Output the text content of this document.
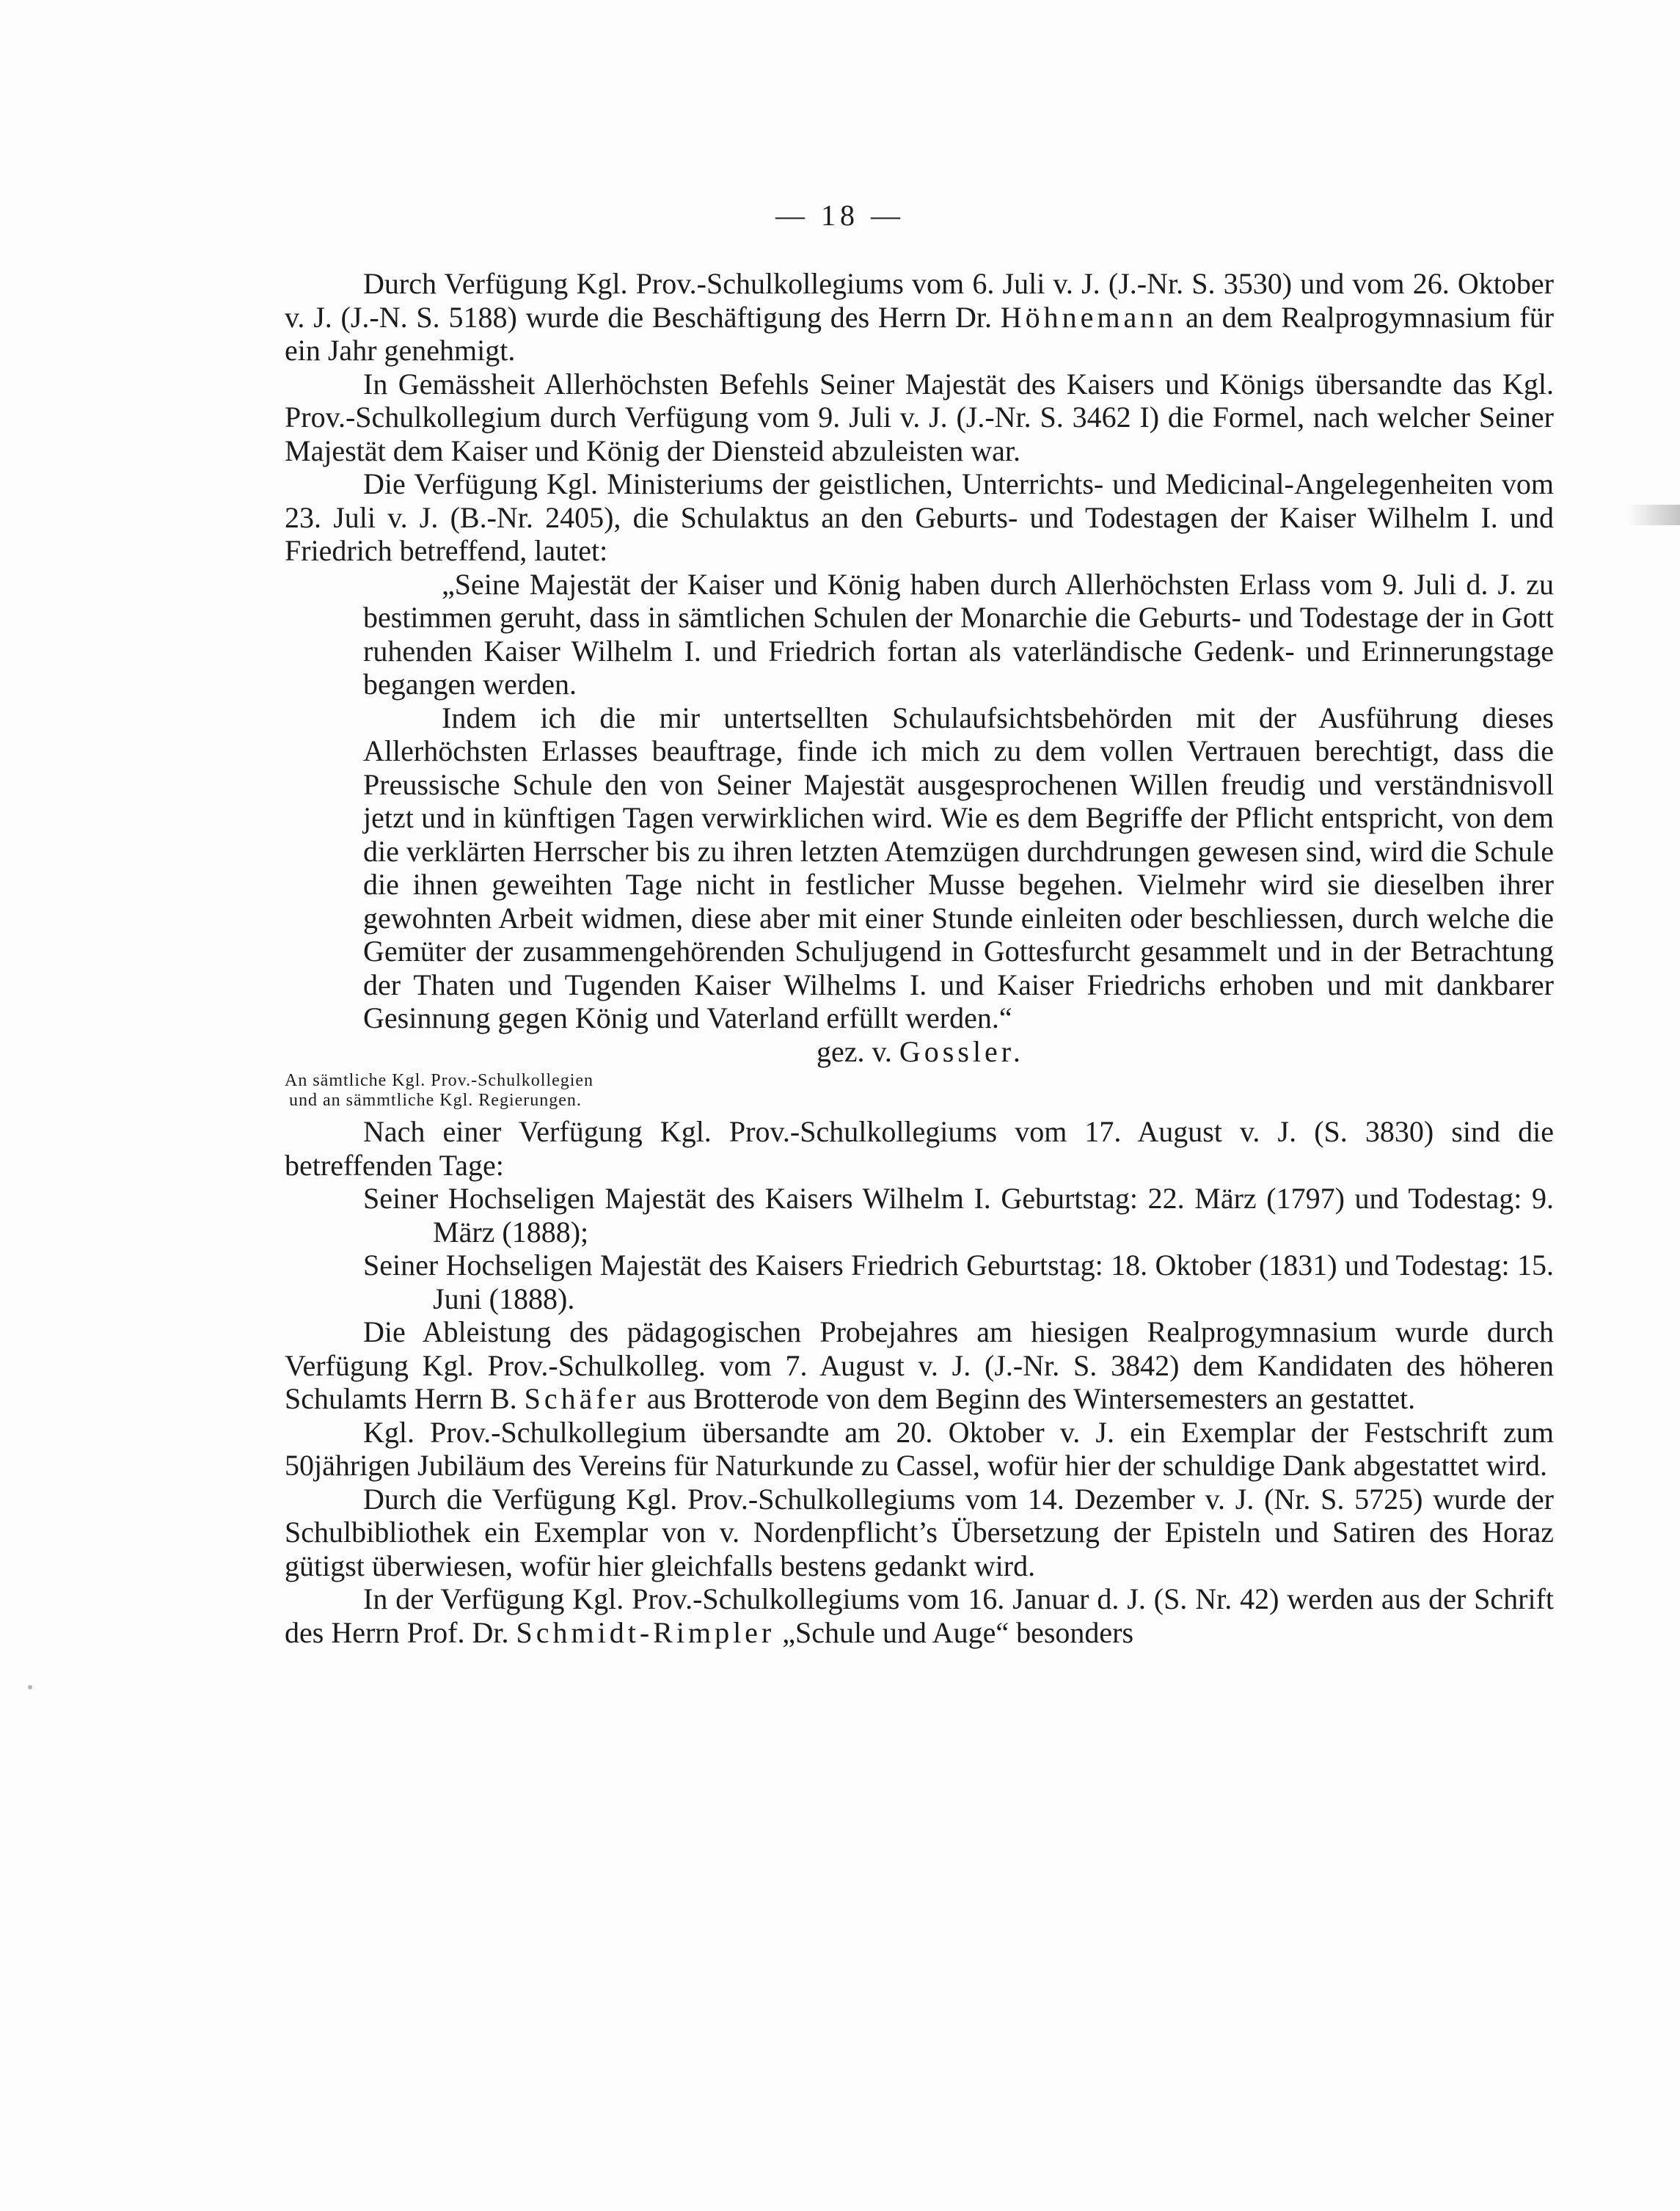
— 18 —

Durch Verfügung Kgl. Prov.-Schulkollegiums vom 6. Juli v. J. (J.-Nr. S. 3530) und vom 26. Oktober v. J. (J.-N. S. 5188) wurde die Beschäftigung des Herrn Dr. Höhnemann an dem Realprogymnasium für ein Jahr genehmigt.

In Gemässheit Allerhöchsten Befehls Seiner Majestät des Kaisers und Königs übersandte das Kgl. Prov.-Schulkollegium durch Verfügung vom 9. Juli v. J. (J.-Nr. S. 3462 I) die Formel, nach welcher Seiner Majestät dem Kaiser und König der Diensteid abzuleisten war.

Die Verfügung Kgl. Ministeriums der geistlichen, Unterrichts- und Medicinal-Angelegenheiten vom 23. Juli v. J. (B.-Nr. 2405), die Schulaktus an den Geburts- und Todestagen der Kaiser Wilhelm I. und Friedrich betreffend, lautet:

„Seine Majestät der Kaiser und König haben durch Allerhöchsten Erlass vom 9. Juli d. J. zu bestimmen geruht, dass in sämtlichen Schulen der Monarchie die Geburts- und Todestage der in Gott ruhenden Kaiser Wilhelm I. und Friedrich fortan als vaterländische Gedenk- und Erinnerungstage begangen werden.

Indem ich die mir untertsellten Schulaufsichtsbehörden mit der Ausführung dieses Allerhöchsten Erlasses beauftrage, finde ich mich zu dem vollen Vertrauen berechtigt, dass die Preussische Schule den von Seiner Majestät ausgesprochenen Willen freudig und verständnisvoll jetzt und in künftigen Tagen verwirklichen wird. Wie es dem Begriffe der Pflicht entspricht, von dem die verklärten Herrscher bis zu ihren letzten Atemzügen durchdrungen gewesen sind, wird die Schule die ihnen geweihten Tage nicht in festlicher Musse begehen. Vielmehr wird sie dieselben ihrer gewohnten Arbeit widmen, diese aber mit einer Stunde einleiten oder beschliessen, durch welche die Gemüter der zusammengehörenden Schuljugend in Gottesfurcht gesammelt und in der Betrachtung der Thaten und Tugenden Kaiser Wilhelms I. und Kaiser Friedrichs erhoben und mit dankbarer Gesinnung gegen König und Vaterland erfüllt werden.“

gez. v. Gossler.

An sämtliche Kgl. Prov.-Schulkollegien
und an sämmtliche Kgl. Regierungen.

Nach einer Verfügung Kgl. Prov.-Schulkollegiums vom 17. August v. J. (S. 3830) sind die betreffenden Tage:

Seiner Hochseligen Majestät des Kaisers Wilhelm I. Geburtstag: 22. März (1797) und Todestag: 9. März (1888);

Seiner Hochseligen Majestät des Kaisers Friedrich Geburtstag: 18. Oktober (1831) und Todestag: 15. Juni (1888).

Die Ableistung des pädagogischen Probejahres am hiesigen Realprogymnasium wurde durch Verfügung Kgl. Prov.-Schulkolleg. vom 7. August v. J. (J.-Nr. S. 3842) dem Kandidaten des höheren Schulamts Herrn B. Schäfer aus Brotterode von dem Beginn des Wintersemesters an gestattet.

Kgl. Prov.-Schulkollegium übersandte am 20. Oktober v. J. ein Exemplar der Festschrift zum 50jährigen Jubiläum des Vereins für Naturkunde zu Cassel, wofür hier der schuldige Dank abgestattet wird.

Durch die Verfügung Kgl. Prov.-Schulkollegiums vom 14. Dezember v. J. (Nr. S. 5725) wurde der Schulbibliothek ein Exemplar von v. Nordenpflicht’s Übersetzung der Episteln und Satiren des Horaz gütigst überwiesen, wofür hier gleichfalls bestens gedankt wird.

In der Verfügung Kgl. Prov.-Schulkollegiums vom 16. Januar d. J. (S. Nr. 42) werden aus der Schrift des Herrn Prof. Dr. Schmidt-Rimpler „Schule und Auge“ besonders
